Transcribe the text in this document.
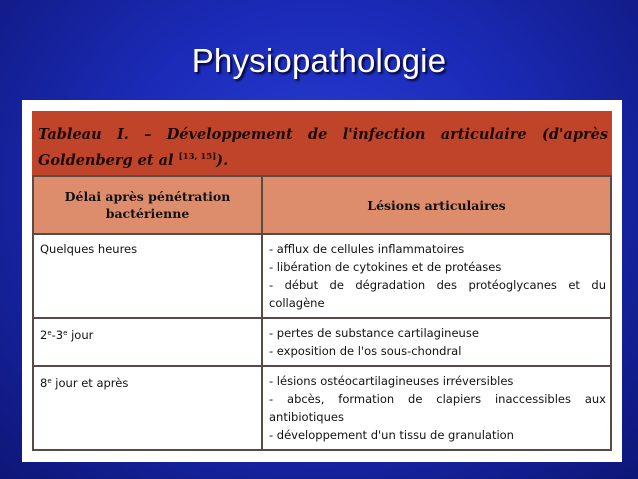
Physiopathologie

Tableau I. – Développement de l'infection articulaire (d'après Goldenberg et al [13, 15]).

Délai après pénétration bactérienne	Lésions articulaires
Quelques heures	- afflux de cellules inflammatoires
- libération de cytokines et de protéases
- début de dégradation des protéoglycanes et du collagène

2e-3e jour	- pertes de substance cartilagineuse
- exposition de l'os sous-chondral

8e jour et après	- lésions ostéocartilagineuses irréversibles
- abcès, formation de clapiers inaccessibles aux antibiotiques
- développement d'un tissu de granulation
